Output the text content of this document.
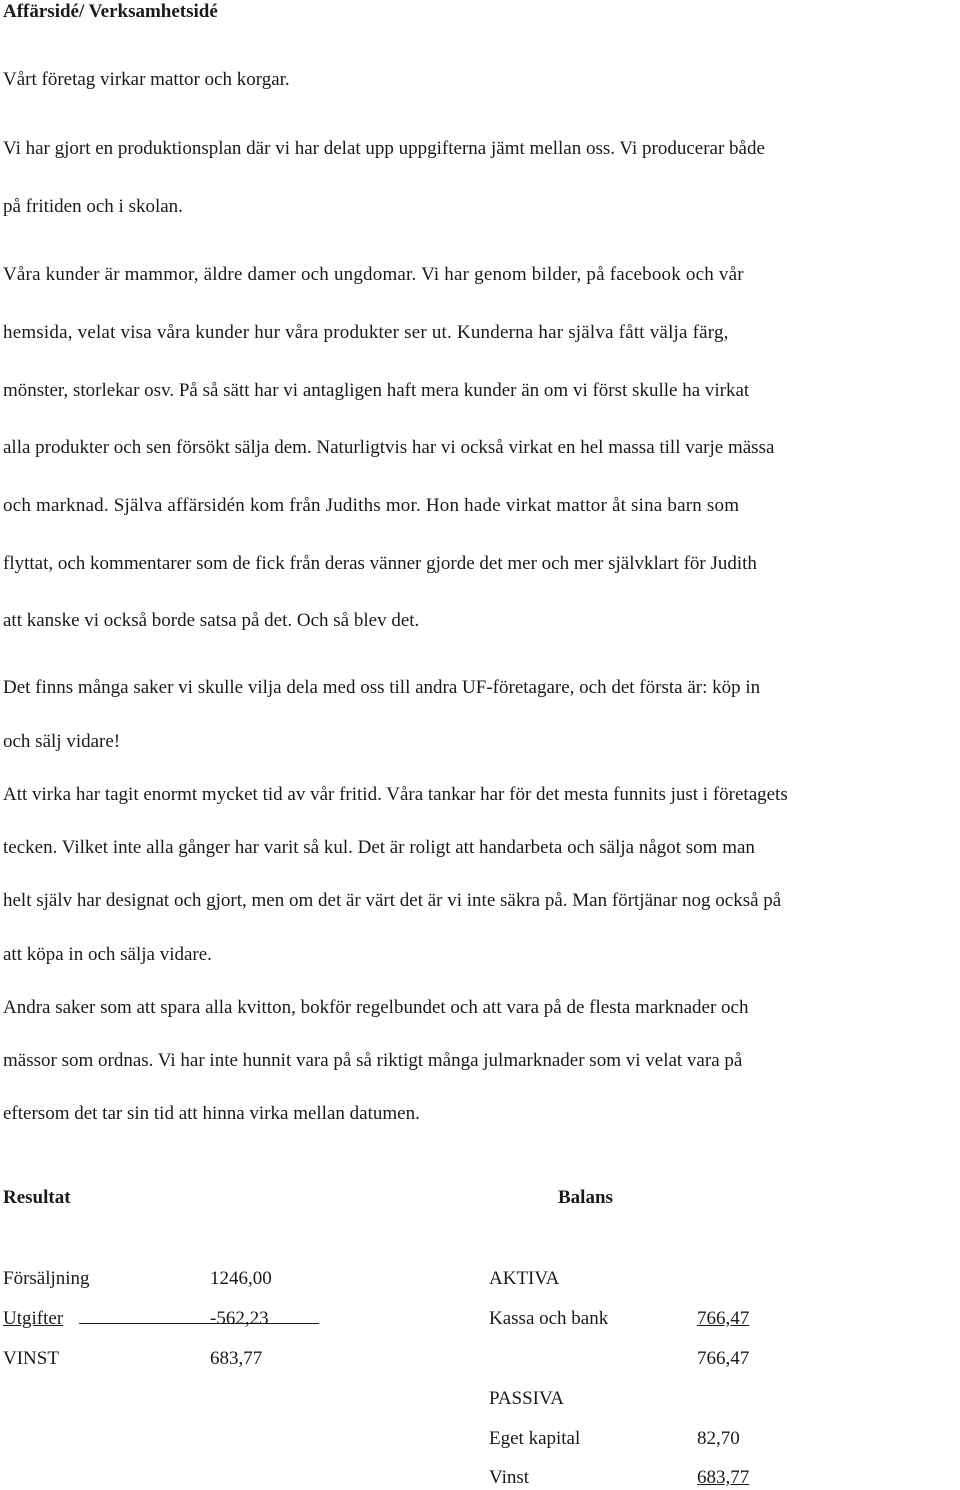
Affärsidé/ Verksamhetsidé
Vårt företag virkar mattor och korgar.
Vi har gjort en produktionsplan där vi har delat upp uppgifterna jämt mellan oss. Vi producerar både
på fritiden och i skolan.
Våra kunder är mammor, äldre damer och ungdomar. Vi har genom bilder, på facebook och vår
hemsida, velat visa våra kunder hur våra produkter ser ut. Kunderna har själva fått välja färg,
mönster, storlekar osv. På så sätt har vi antagligen haft mera kunder än om vi först skulle ha virkat
alla produkter och sen försökt sälja dem. Naturligtvis har vi också virkat en hel massa till varje mässa
och marknad. Själva affärsidén kom från Judiths mor. Hon hade virkat mattor åt sina barn som
flyttat, och kommentarer som de fick från deras vänner gjorde det mer och mer självklart för Judith
att kanske vi också borde satsa på det. Och så blev det.
Det finns många saker vi skulle vilja dela med oss till andra UF-företagare, och det första är: köp in
och sälj vidare!
Att virka har tagit enormt mycket tid av vår fritid. Våra tankar har för det mesta funnits just i företagets
tecken. Vilket inte alla gånger har varit så kul. Det är roligt att handarbeta och sälja något som man
helt själv har designat och gjort, men om det är värt det är vi inte säkra på. Man förtjänar nog också på
att köpa in och sälja vidare.
Andra saker som att spara alla kvitton, bokför regelbundet och att vara på de flesta marknader och
mässor som ordnas. Vi har inte hunnit vara på så riktigt många julmarknader som vi velat vara på
eftersom det tar sin tid att hinna virka mellan datumen.
Resultat
Försäljning	1246,00
Utgifter	-562,23
VINST	683,77
Balans
AKTIVA
Kassa och bank	766,47
766,47
PASSIVA
Eget kapital	82,70
Vinst	683,77
